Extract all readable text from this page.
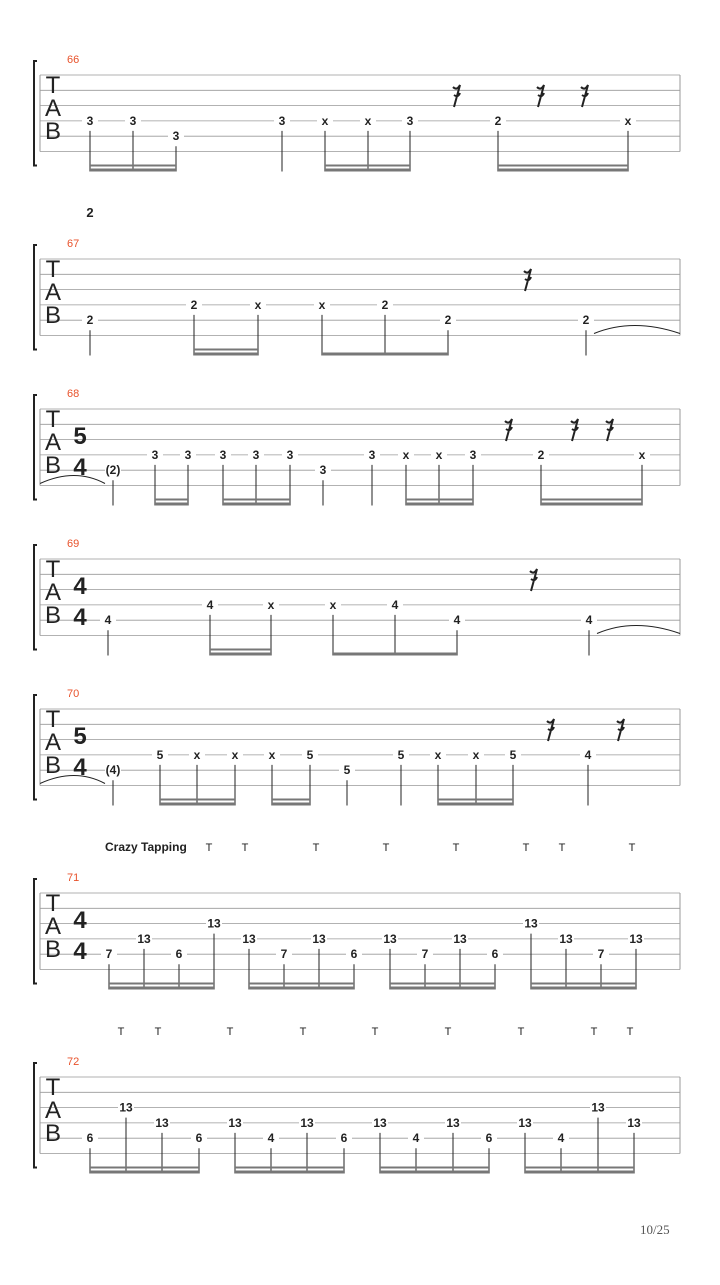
T
A
B
66
3	3
3
3	x	x	3	2	x
T
A
B
67
2
2	x	x	2
2	2
T
A
B
68
5
4 (2)
3 3 3 3 3
3
3 x x 3	2	x
T
A
B
69
4
4 4
4	x	x	4
4	4
T
A
B
70
5
4 (4)
5	x	x	x	5
5
5	x	x	5	4
T
A
B
71
4
4 7
13
6
13
13
7
13
6
13
7
13
6
13
13
7
13
T
A
B
72
6
13
13
6
13
4
13
6
13
4
13
6
13
4
13
13
2
Crazy Tapping T	T	T	T	T	T	T	T
T	T	T	T	T	T	T	T	T
10/25
